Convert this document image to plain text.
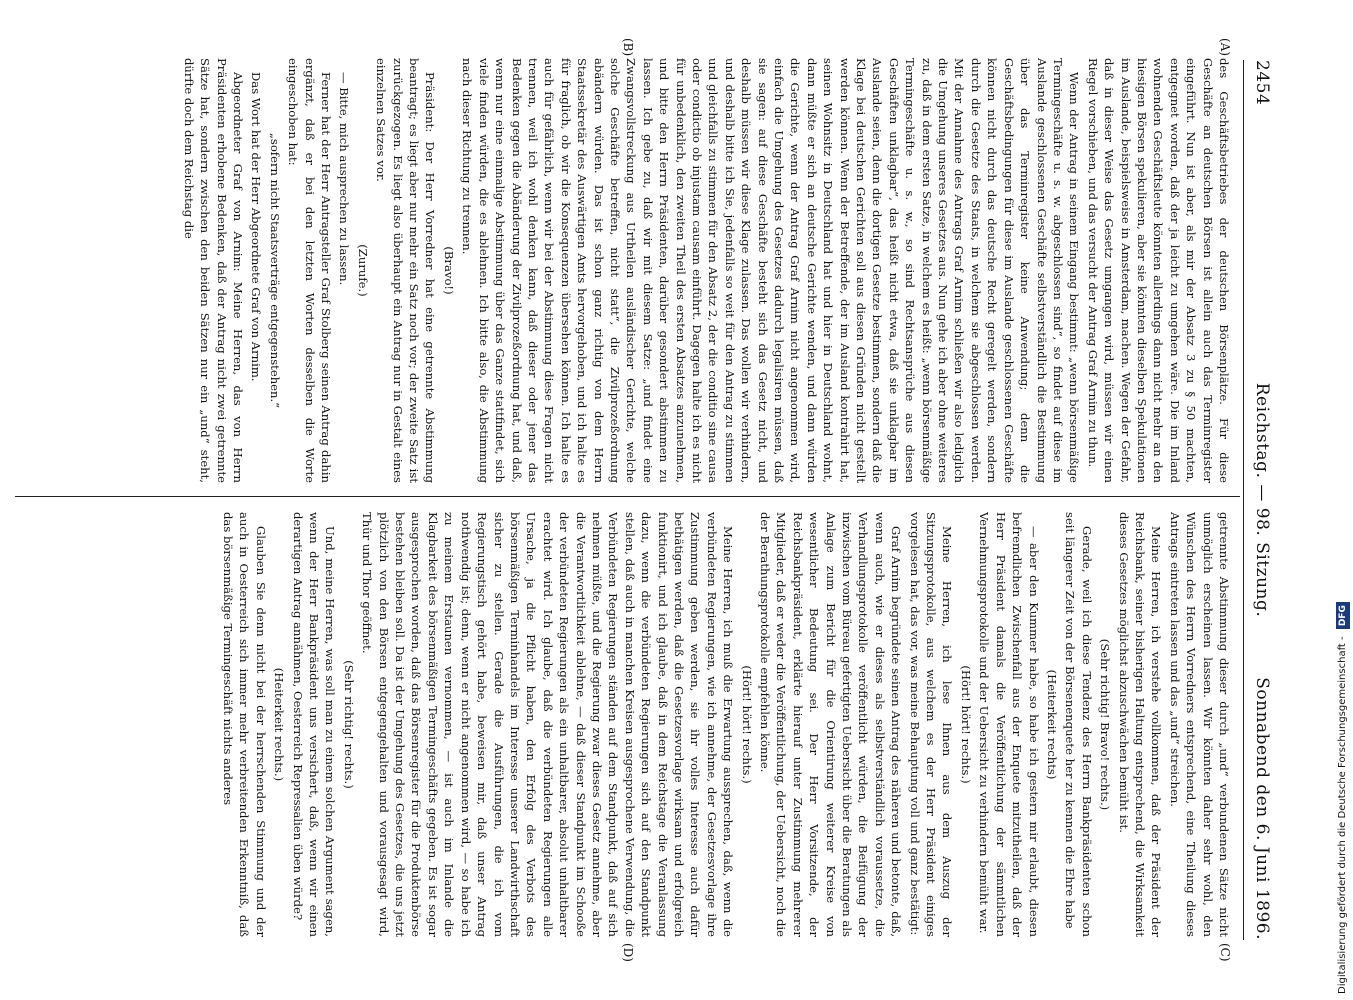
2454
Reichstag. — 98. Sitzung.
Sonnabend den 6. Juni 1896.
(A)
(B)
(C)
(D)

des Geschäftsbetriebes der deutschen Börsenplätze. Für diese Geschäfte an deutschen Börsen ist allein auch das Terminregister eingeführt. Nun ist aber, als mir der Absatz 3 zu § 50 machten, entgegnet worden, daß der ja leicht zu umgehen wäre. Die im Inland wohnenden Geschäftsleute könnten allerdings dann nicht mehr an den hiesigen Börsen spekulieren, aber sie könnten dieselben Spekulationen im Auslande, beispielsweise in Amsterdam, machen. Wegen der Gefahr, daß in dieser Weise das Gesetz umgangen wird, müssen wir einen Riegel vorschieben, und das versucht der Antrag Graf Arnim zu thun.

Wenn der Antrag in seinem Eingang bestimmt: „wenn börsenmäßige Termingeschäfte u. s. w. abgeschlossen sind“, so findet auf diese im Auslande geschlossenen Geschäfte selbstverständlich die Bestimmung über das Terminregister keine Anwendung; denn die Geschäftsbedingungen für diese im Auslande geschlossenen Geschäfte können nicht durch das deutsche Recht geregelt werden, sondern durch die Gesetze des Staats, in welchem sie abgeschlossen werden. Mit der Annahme des Antrags Graf Arnim schließen wir also lediglich die Umgehung unseres Gesetzes aus. Nun gehe ich aber ohne weiteres zu, daß in dem ersten Satze, in welchem es heißt: „wenn börsenmäßige Termingeschäfte u. s. w., so sind Rechtsansprüche aus diesen Geschäften unklagbar“, das heißt nicht etwa, daß sie unklagbar im Auslande seien, denn die dortigen Gesetze bestimmen, sondern daß die Klage bei deutschen Gerichten soll aus diesen Gründen nicht gestellt werden können. Wenn der Betreffende, der im Ausland kontrahirt hat, seinen Wohnsitz in Deutschland hat und hier in Deutschland wohnt, dann müßte er sich an deutsche Gerichte wenden, und dann würden die Gerichte, wenn der Antrag Graf Arnim nicht angenommen wird, einfach die Umgehung des Gesetzes dadurch legalisiren müssen, daß sie sagen: auf diese Geschäfte besteht sich das Gesetz nicht, und deshalb müssen wir diese Klage zulassen. Das wollen wir verhindern, und deshalb bitte ich Sie, jedenfalls so weit für den Antrag zu stimmen und gleichfalls zu stimmen für den Absatz 2, der die conditio sine causa oder condictio ob injustam causam einführt. Dagegen halte ich es nicht für unbedenklich, den zweiten Theil des ersten Absatzes anzunehmen, und bitte den Herrn Präsidenten, darüber gesondert abstimmen zu lassen. Ich gebe zu, daß wir mit diesem Satze: „und findet eine Zwangsvollstreckung aus Urtheilen ausländischer Gerichte, welche solche Geschäfte betreffen, nicht statt“, die Zivilprozeßordnung abändern würden. Das ist schon ganz richtig von dem Herrn Staatssekretär des Auswärtigen Amts hervorgehoben, und ich halte es für fraglich, ob wir die Konsequenzen übersehen können. Ich halte es auch für gefährlich, wenn wir bei der Abstimmung diese Fragen nicht trennen, weil ich wohl denken kann, daß dieser oder jener das Bedenken gegen die Abänderung der Zivilprozeßordnung hat, und daß, wenn nur eine einmalige Abstimmung über das Ganze stattfindet, sich viele finden würden, die es ablehnen. Ich bitte also, die Abstimmung nach dieser Richtung zu trennen.

(Bravo!)

Präsident: Der Herr Vorredner hat eine getrennte Abstimmung beantragt; es liegt aber nur mehr ein Satz noch vor; der zweite Satz ist zurückgezogen. Es liegt also überhaupt ein Antrag nur in Gestalt eines einzelnen Satzes vor.

(Zurufe.)

— Bitte, mich ausprechen zu lassen.

Ferner hat der Herr Antragsteller Graf Stolberg seinen Antrag dahin ergänzt, daß er bei den letzten Worten desselben die Worte eingeschoben hat:

„sofern nicht Staatsverträge entgegenstehen.“

Das Wort hat der Herr Abgeordnete Graf von Arnim.

Abgeordneter Graf von Arnim: Meine Herren, das von Herrn Präsidenten erhobene Bedenken, daß der Antrag nicht zwei getrennte Sätze hat, sondern zwischen den beiden Sätzen nur ein „und“ steht, dürfte doch dem Reichstag die

getrennte Abstimmung dieser durch „und“ verbundenen Sätze nicht unmöglich erscheinen lassen. Wir könnten daher sehr wohl, den Wünschen des Herrn Vorredners entsprechend, eine Theilung dieses Antrags eintreten lassen und das „und“ streichen.

Meine Herren, ich verstehe vollkommen, daß der Präsident der Reichsbank, seiner bisherigen Haltung entsprechend, die Wirksamkeit dieses Gesetzes möglichst abzuschwächen bemüht ist.

(Sehr richtig! Bravo! rechts.)

Gerade, weil ich diese Tendenz des Herrn Bankpräsidenten schon seit längerer Zeit von der Börsenenquete her zu kennen die Ehre habe

(Heiterkeit rechts)

— aber den Kummer habe, so habe ich gestern mir erlaubt, diesen befremdlichen Zwischenfall aus der Enquete mitzutheilen, daß der Herr Präsident damals die Veröffentlichung der sämmtlichen Vernehmungsprotokolle und der Uebersicht zu verhindern bemüht war.

(Hört! hört! rechts.)

Meine Herren, ich lese Ihnen aus dem Auszug der Sitzungsprotokolle, aus welchem es der Herr Präsident einiges vorgelesen hat, das vor, was meine Behauptung voll und ganz bestätigt:

Graf Arnim begründete seinen Antrag des näheren und betonte, daß, wenn auch, wie er dieses als selbstverständlich voraussetze, die Verhandlungsprotokolle veröffentlicht würden, die Beifügung der inzwischen vom Büreau gefertigten Uebersicht über die Beratungen als Anlage zum Bericht für die Orientirung weiterer Kreise von wesentlicher Bedeutung sei. Der Herr Vorsitzende, der Reichsbankpräsident, erklärte hierauf unter Zustimmung mehrerer Mitglieder, daß er weder die Veröffentlichung, der Uebersicht, noch die der Berathungsprotokolle empfehlen könne.

(Hört! hört! rechts.)

Meine Herren, ich muß die Erwartung aussprechen, daß, wenn die verbündeten Regierungen, wie ich annehme, der Gesetzesvorlage ihre Zustimmung geben werden, sie ihr volles Interesse auch dafür bethätigen werden, daß die Gesetzesvorlage wirksam und erfolgreich funktionirt, und ich glaube, daß in dem Reichstage die Veranlassung dazu, wenn die verbündeten Regierungen sich auf den Standpunkt stellen, daß auch in manchen Kreisen ausgesprochene Verwendung, die Verbündeten Regierungen ständen auf dem Standpunkt, daß auf sich nehmen müßte, und die Regierung zwar dieses Gesetz annehme, aber die Verantwortlichkeit ablehne, — daß dieser Standpunkt im Schooße der verbündeten Regierungen als ein unhaltbarer, absolut unhaltbarer erachtet wird. Ich glaube, daß die verbündeten Regierungen alle Ursache, ja die Pflicht haben, den Erfolg des Verbots des börsenmäßigen Terminhandels im Interesse unserer Landwirthschaft sicher zu stellen. Gerade die Ausführungen, die ich vom Regierungstisch gehört habe, beweisen mir, daß unser Antrag nothwendig ist; denn, wenn er nicht angenommen wird, — so habe ich zu meinem Erstaunen vernommen, — ist auch im Inlande die Klagbarkeit des börsenmäßigen Termingeschäfts gegeben. Es ist sogar ausgesprochen worden, daß das Börsenregister für die Produktenbörse bestehen bleiben soll. Da ist der Umgehung des Gesetzes, die uns jetzt plötzlich von den Börsen entgegengehalten und vorausgesagt wird, Thür und Thor geöffnet.

(Sehr richtig! rechts.)

Und, meine Herren, was soll man zu einem solchen Argument sagen, wenn der Herr Bankpräsident uns versichert, daß, wenn wir einen derartigen Antrag annähmen, Oesterreich Repressalien üben würde?

(Heiterkeit rechts.)

Glauben Sie denn nicht bei der herrschenden Stimmung und der auch in Oesterreich sich immer mehr verbreitenden Erkenntniß, daß das börsenmäßige Termingeschäft nichts anderes	Digitalisierung gefördert durch die Deutsche Forschungsgemeinschaft - DFG
